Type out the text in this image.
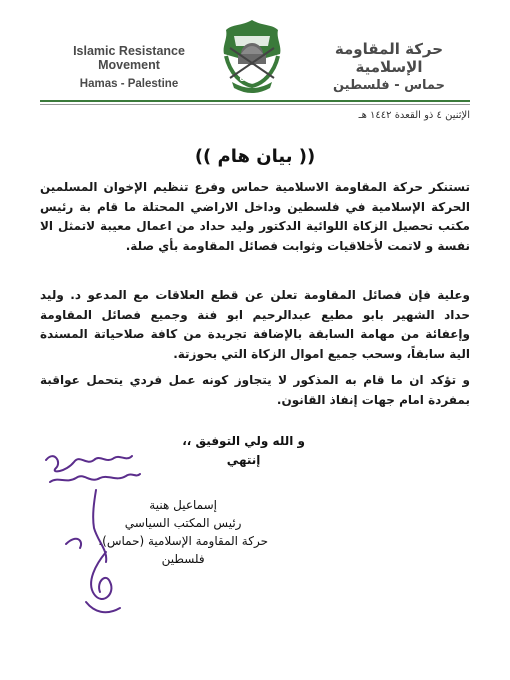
Islamic Resistance Movement
Hamas - Palestine
حماس
حركة المقاومة الإسلامية
حماس - فلسطين
الإثنين ٤ ذو القعدة ١٤٤٢ هـ
(( بيان هام ))
تستنكر حركة المقاومة الاسلامية حماس وفرع تنظيم الإخوان المسلمين الحركة الإسلامية في فلسطين وداخل الاراضي المحتلة ما قام بة رئيس مكتب تحصيل الزكاة اللوائية الدكتور وليد حداد من اعمال معيبة لاتمثل الا نفسة و لاتمت لأخلاقيات وثوابت فصائل المقاومة بأي صلة.
وعلية فإن فصائل المقاومة تعلن عن قطع العلاقات مع المدعو د. وليد حداد الشهير بابو مطيع عبدالرحيم ابو فنة وجميع فصائل المقاومة وإعفائة من مهامة السابقة بالإضافة تجريدة من كافة صلاحياتة المسندة الية سابقاً، وسحب جميع اموال الزكاة التي بحوزتة.
و تؤكد ان ما قام به المذكور لا يتجاوز كونه عمل فردي يتحمل عواقبة بمفردة امام جهات إنفاذ القانون.
و الله ولي التوفيق ،،
إنتهي
إسماعيل هنية
رئيس المكتب السياسي
حركة المقاومة الإسلامية (حماس)،
فلسطين
